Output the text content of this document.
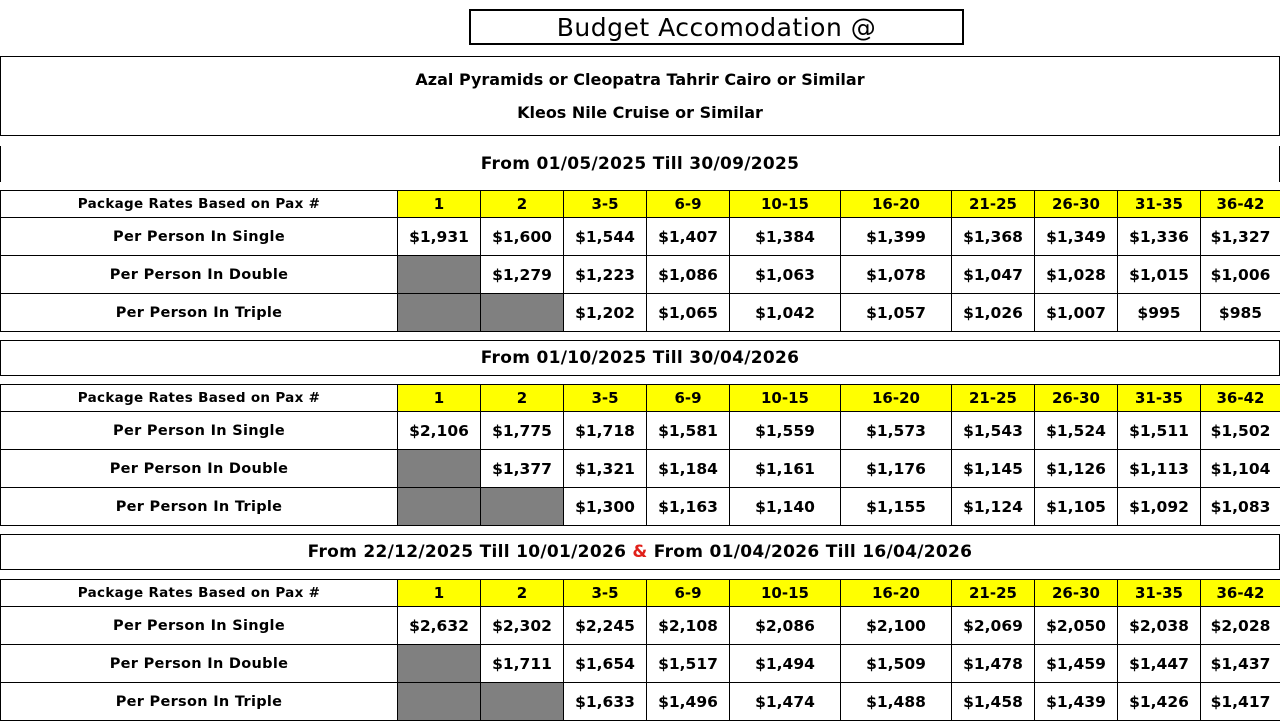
Budget Accomodation @
Azal Pyramids or Cleopatra Tahrir Cairo or Similar
Kleos Nile Cruise or Similar
From 01/05/2025 Till 30/09/2025
Package Rates Based on Pax #	1	2	3-5	6-9	10-15	16-20	21-25	26-30	31-35	36-42
Per Person In Single	$1,931	$1,600	$1,544	$1,407	$1,384	$1,399	$1,368	$1,349	$1,336	$1,327
Per Person In Double		$1,279	$1,223	$1,086	$1,063	$1,078	$1,047	$1,028	$1,015	$1,006
Per Person In Triple			$1,202	$1,065	$1,042	$1,057	$1,026	$1,007	$995	$985
From 01/10/2025 Till 30/04/2026
Package Rates Based on Pax #	1	2	3-5	6-9	10-15	16-20	21-25	26-30	31-35	36-42
Per Person In Single	$2,106	$1,775	$1,718	$1,581	$1,559	$1,573	$1,543	$1,524	$1,511	$1,502
Per Person In Double		$1,377	$1,321	$1,184	$1,161	$1,176	$1,145	$1,126	$1,113	$1,104
Per Person In Triple			$1,300	$1,163	$1,140	$1,155	$1,124	$1,105	$1,092	$1,083
From 22/12/2025 Till 10/01/2026
&
From 01/04/2026 Till 16/04/2026
Package Rates Based on Pax #	1	2	3-5	6-9	10-15	16-20	21-25	26-30	31-35	36-42
Per Person In Single	$2,632	$2,302	$2,245	$2,108	$2,086	$2,100	$2,069	$2,050	$2,038	$2,028
Per Person In Double		$1,711	$1,654	$1,517	$1,494	$1,509	$1,478	$1,459	$1,447	$1,437
Per Person In Triple			$1,633	$1,496	$1,474	$1,488	$1,458	$1,439	$1,426	$1,417
